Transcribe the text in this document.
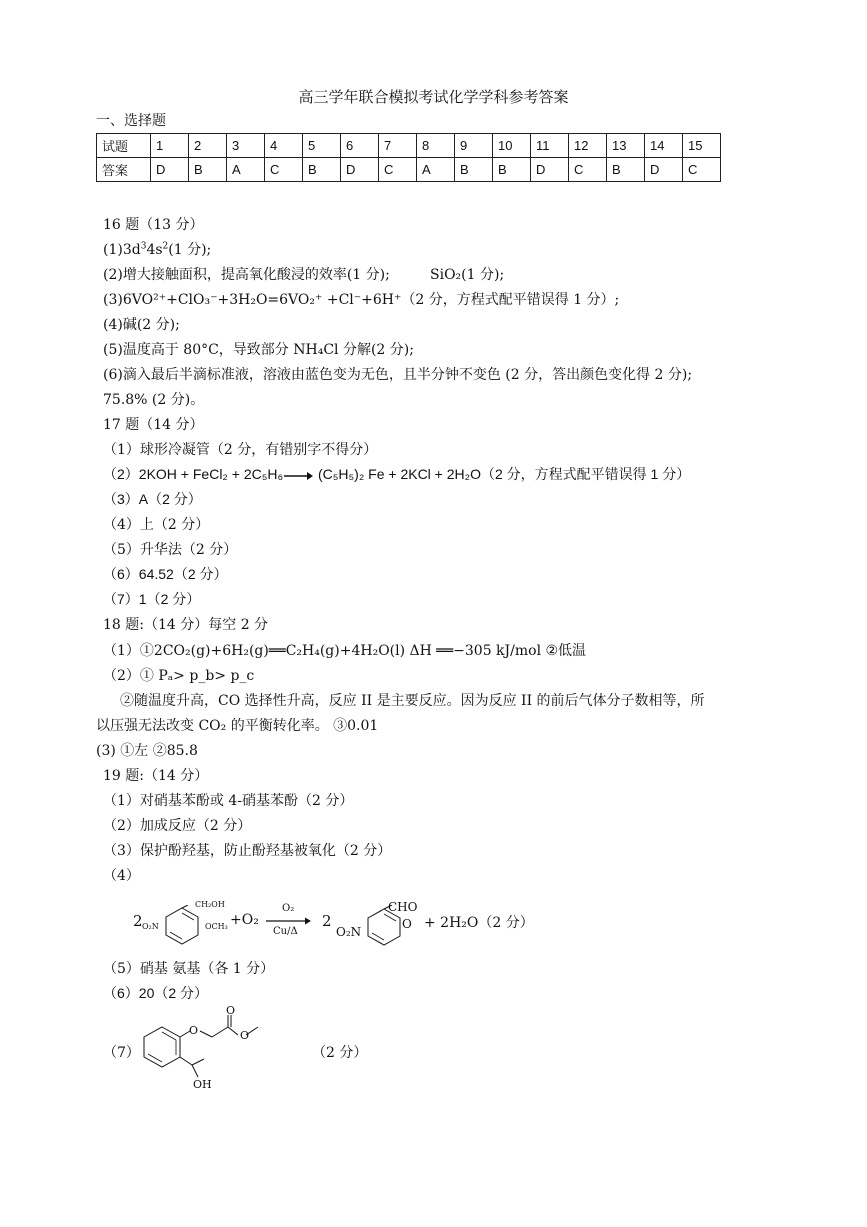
高三学年联合模拟考试化学学科参考答案
一、选择题
试题	1	2	3	4	5	6	7	8	9	10	11	12	13	14	15
答案	D	B	A	C	B	D	C	A	B	B	D	C	B	D	C
16 题（13 分）
$(1)3d^34s^2(1$ 分);
(2)增大接触面积，提高氧化酸浸的效率(1 分);	SiO₂(1 分);
(3)6VO²⁺+ClO₃⁻+3H₂O=6VO₂⁺ +Cl⁻+6H⁺（2 分，方程式配平错误得 1 分）;
(4)碱(2 分);
(5)温度高于 80°C，导致部分 NH₄Cl 分解(2 分);
(6)滴入最后半滴标准液，溶液由蓝色变为无色，且半分钟不变色 (2 分，答出颜色变化得 2 分);
75.8% (2 分)。
17 题（14 分）
（1）球形冷凝管（2 分，有错别字不得分）
（2）2KOH + FeCl₂ + 2C₅H₆ → (C₅H₅)₂ Fe + 2KCl + 2H₂O（2 分，方程式配平错误得 1 分）
（3）A（2 分）
（4）上（2 分）
（5）升华法（2 分）
（6）64.52（2 分）
（7）1（2 分）
18 题:（14 分）每空 2 分
（1）①2CO₂(g)+6H₂(g)══C₂H₄(g)+4H₂O(l) ΔH ══−305 kJ/mol ②低温
（2）① Pₐ> p_b> p_c
②随温度升高，CO 选择性升高，反应 II 是主要反应。因为反应 II 的前后气体分子数相等，所
以压强无法改变 CO₂ 的平衡转化率。 ③0.01
(3) ①左 ②85.8
19 题:（14 分）
（1）对硝基苯酚或 4-硝基苯酚（2 分）
（2）加成反应（2 分）
（3）保护酚羟基，防止酚羟基被氧化（2 分）
（4）
2 O₂N
CH₂OH
OCH₃ +O₂
O₂
Cu/Δ
2
O₂N
CHO
O + 2H₂O（2 分）
（5）硝基 氨基（各 1 分）
（6）20（2 分）
（7）
O
O
O
OH
（2 分）
